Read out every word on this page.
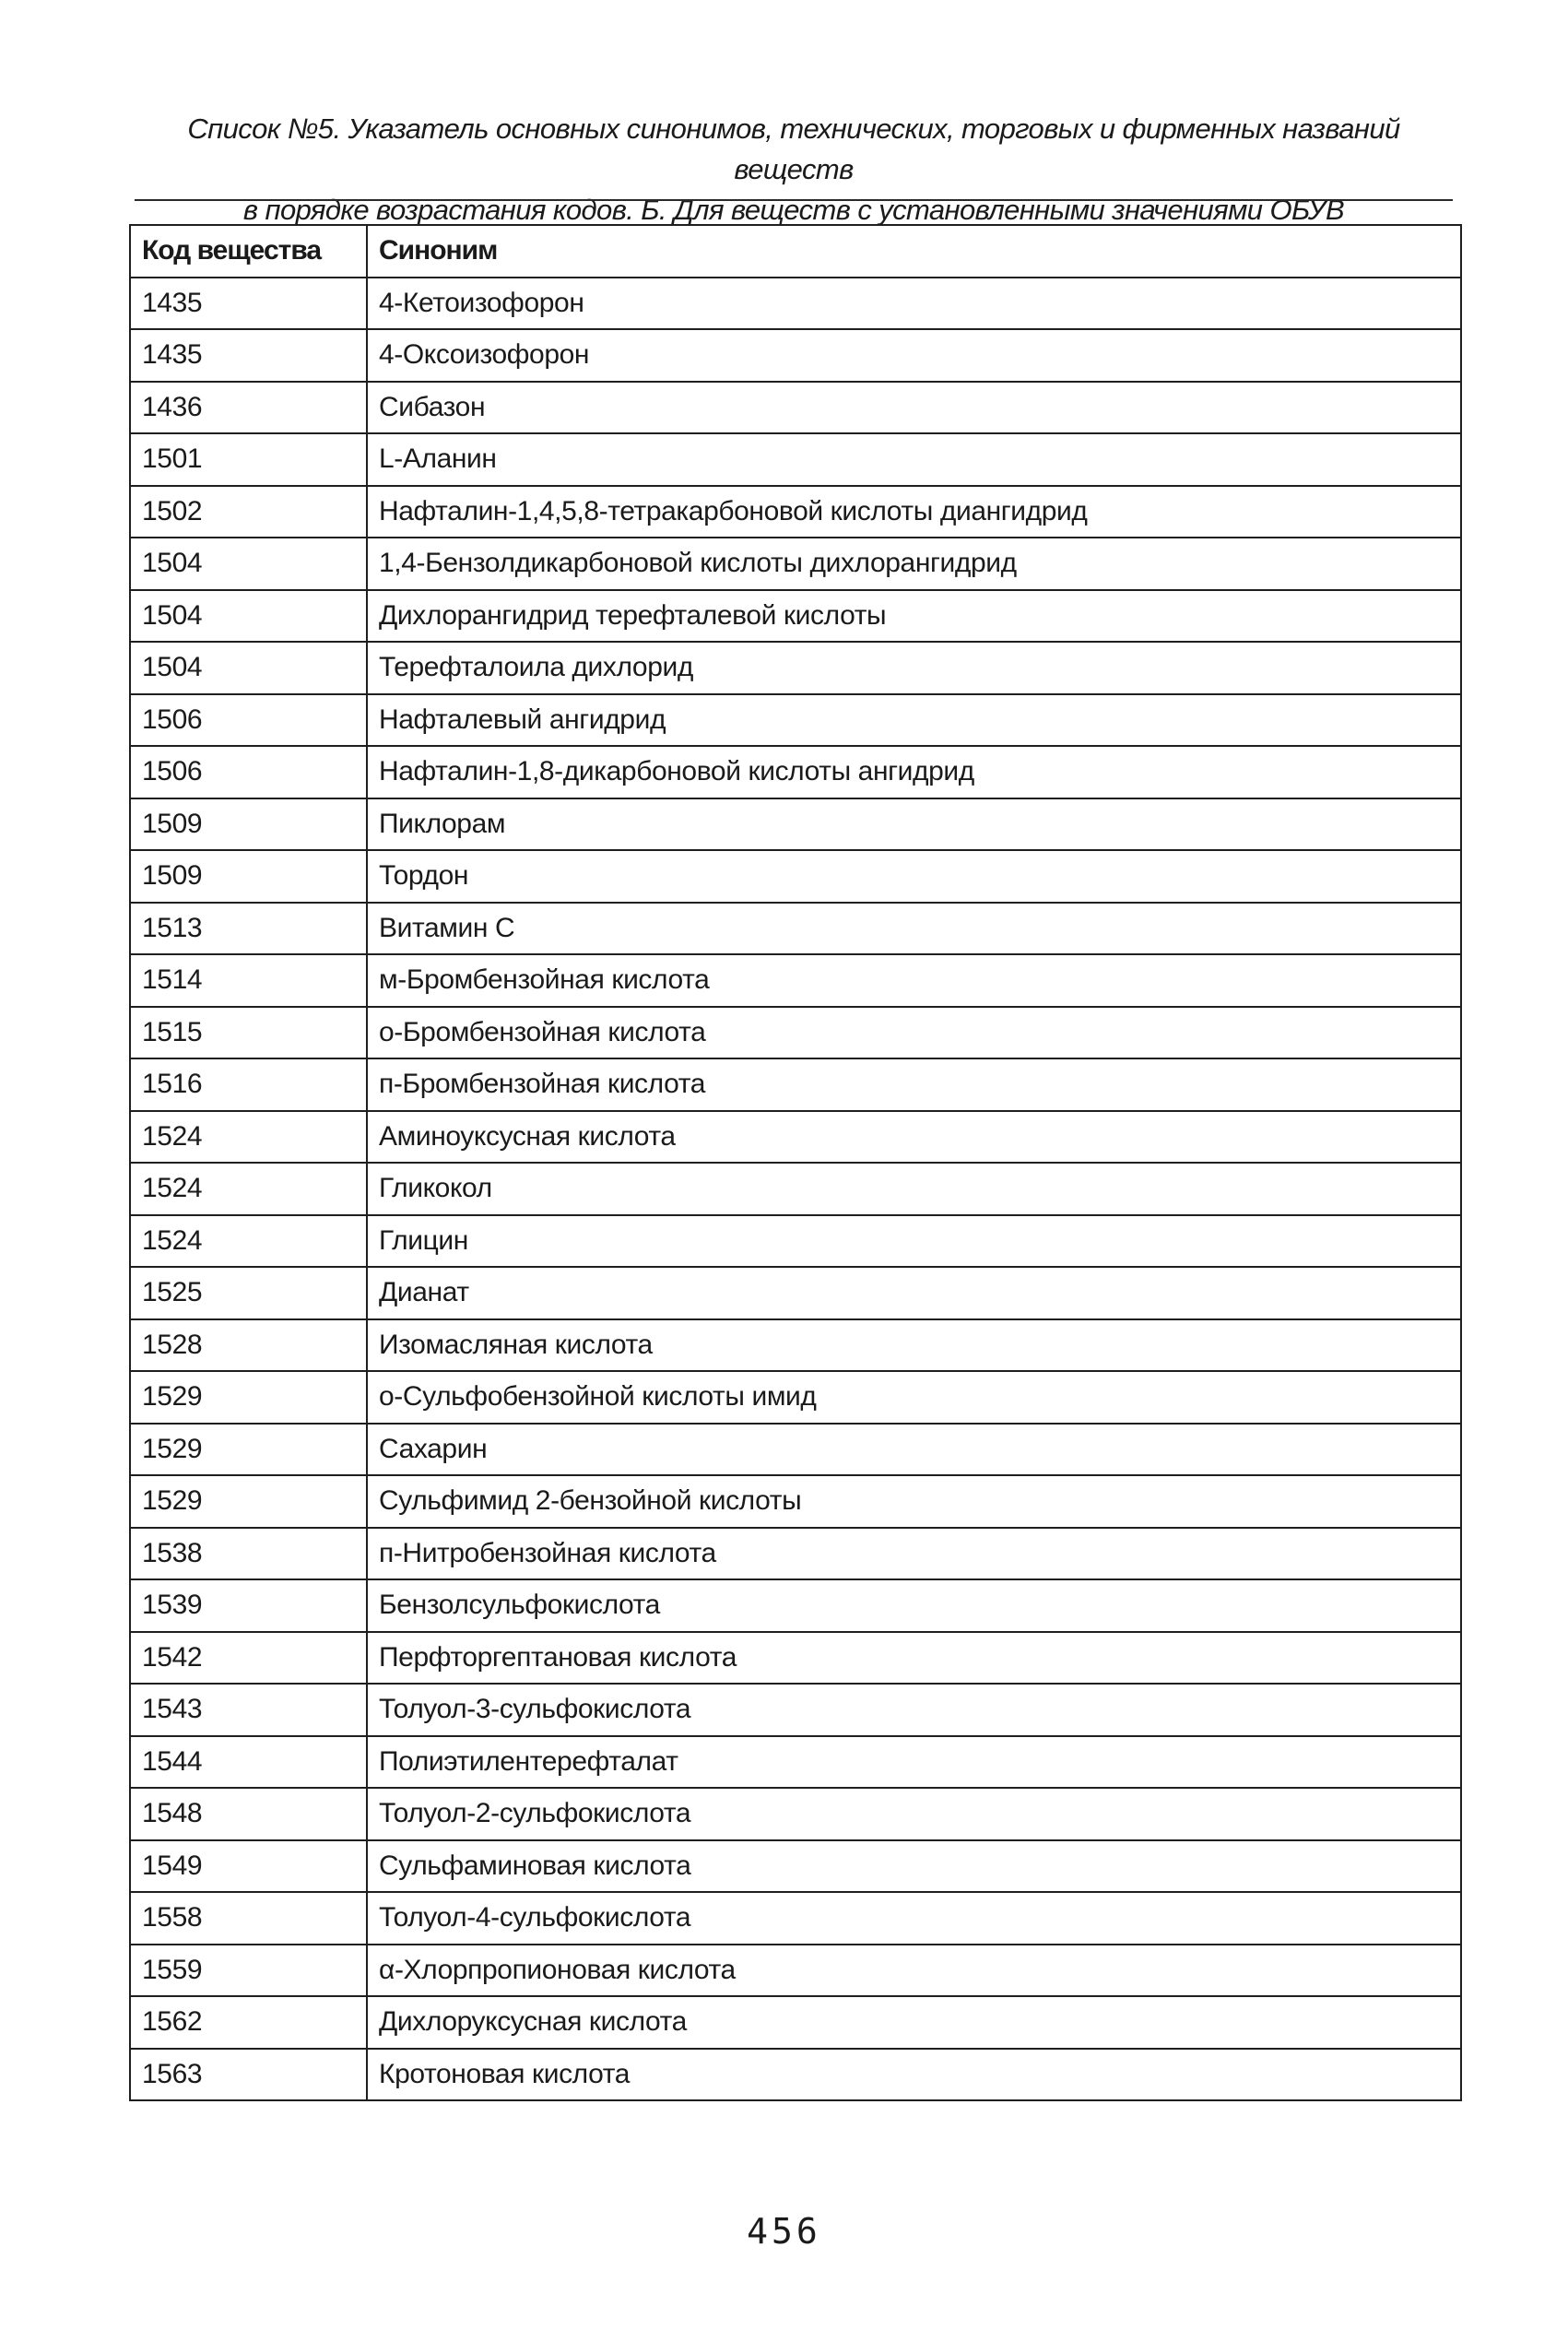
Список №5. Указатель основных синонимов, технических, торговых и фирменных названий веществ
в порядке возрастания кодов. Б. Для веществ с установленными значениями ОБУВ
Код вещества	Синоним
1435	4-Кетоизофорон
1435	4-Оксоизофорон
1436	Сибазон
1501	L-Аланин
1502	Нафталин-1,4,5,8-тетракарбоновой кислоты диангидрид
1504	1,4-Бензолдикарбоновой кислоты дихлорангидрид
1504	Дихлорангидрид терефталевой кислоты
1504	Терефталоила дихлорид
1506	Нафталевый ангидрид
1506	Нафталин-1,8-дикарбоновой кислоты ангидрид
1509	Пиклорам
1509	Тордон
1513	Витамин С
1514	м-Бромбензойная кислота
1515	о-Бромбензойная кислота
1516	п-Бромбензойная кислота
1524	Аминоуксусная кислота
1524	Гликокол
1524	Глицин
1525	Дианат
1528	Изомасляная кислота
1529	о-Сульфобензойной кислоты имид
1529	Сахарин
1529	Сульфимид 2-бензойной кислоты
1538	п-Нитробензойная кислота
1539	Бензолсульфокислота
1542	Перфторгептановая кислота
1543	Толуол-3-сульфокислота
1544	Полиэтилентерефталат
1548	Толуол-2-сульфокислота
1549	Сульфаминовая кислота
1558	Толуол-4-сульфокислота
1559	α-Хлорпропионовая кислота
1562	Дихлоруксусная кислота
1563	Кротоновая кислота
456
